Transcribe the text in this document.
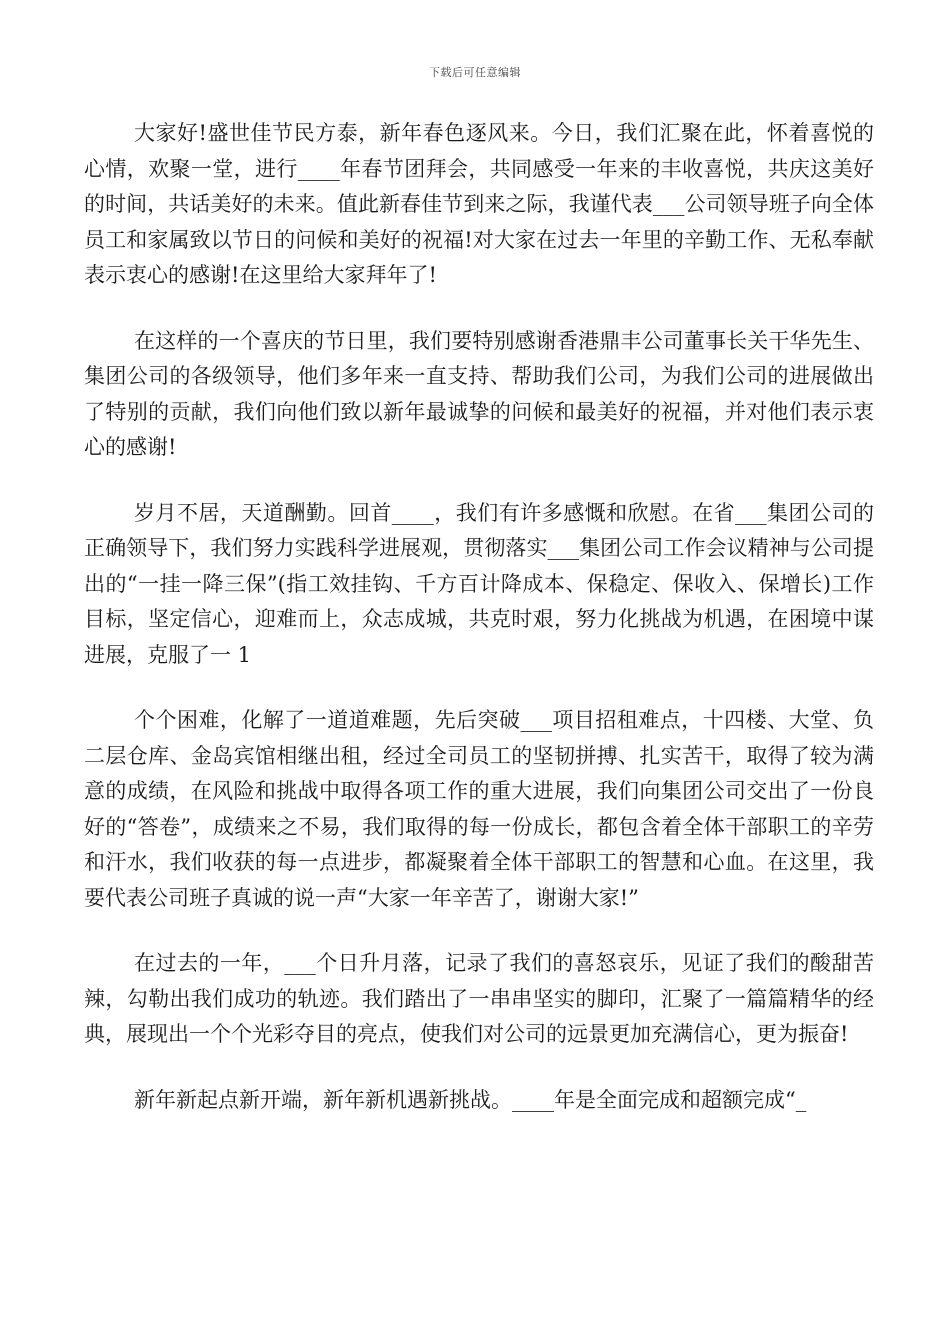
下载后可任意编辑

大家好!盛世佳节民方泰，新年春色逐风来。今日，我们汇聚在此，怀着喜悦的心情，欢聚一堂，进行____年春节团拜会，共同感受一年来的丰收喜悦，共庆这美好的时间，共话美好的未来。值此新春佳节到来之际，我谨代表___公司领导班子向全体员工和家属致以节日的问候和美好的祝福!对大家在过去一年里的辛勤工作、无私奉献表示衷心的感谢!在这里给大家拜年了!

在这样的一个喜庆的节日里，我们要特别感谢香港鼎丰公司董事长关干华先生、集团公司的各级领导，他们多年来一直支持、帮助我们公司，为我们公司的进展做出了特别的贡献，我们向他们致以新年最诚挚的问候和最美好的祝福，并对他们表示衷心的感谢!

岁月不居，天道酬勤。回首____，我们有许多感慨和欣慰。在省___集团公司的正确领导下，我们努力实践科学进展观，贯彻落实___集团公司工作会议精神与公司提出的“一挂一降三保”(指工效挂钩、千方百计降成本、保稳定、保收入、保增长)工作目标，坚定信心，迎难而上，众志成城，共克时艰，努力化挑战为机遇，在困境中谋进展，克服了一 1

个个困难，化解了一道道难题，先后突破___项目招租难点，十四楼、大堂、负二层仓库、金岛宾馆相继出租，经过全司员工的坚韧拼搏、扎实苦干，取得了较为满意的成绩，在风险和挑战中取得各项工作的重大进展，我们向集团公司交出了一份良好的“答卷”，成绩来之不易，我们取得的每一份成长，都包含着全体干部职工的辛劳和汗水，我们收获的每一点进步，都凝聚着全体干部职工的智慧和心血。在这里，我要代表公司班子真诚的说一声“大家一年辛苦了，谢谢大家!”

在过去的一年，___个日升月落，记录了我们的喜怒哀乐，见证了我们的酸甜苦辣，勾勒出我们成功的轨迹。我们踏出了一串串坚实的脚印，汇聚了一篇篇精华的经典，展现出一个个光彩夺目的亮点，使我们对公司的远景更加充满信心，更为振奋!

新年新起点新开端，新年新机遇新挑战。____年是全面完成和超额完成“_
